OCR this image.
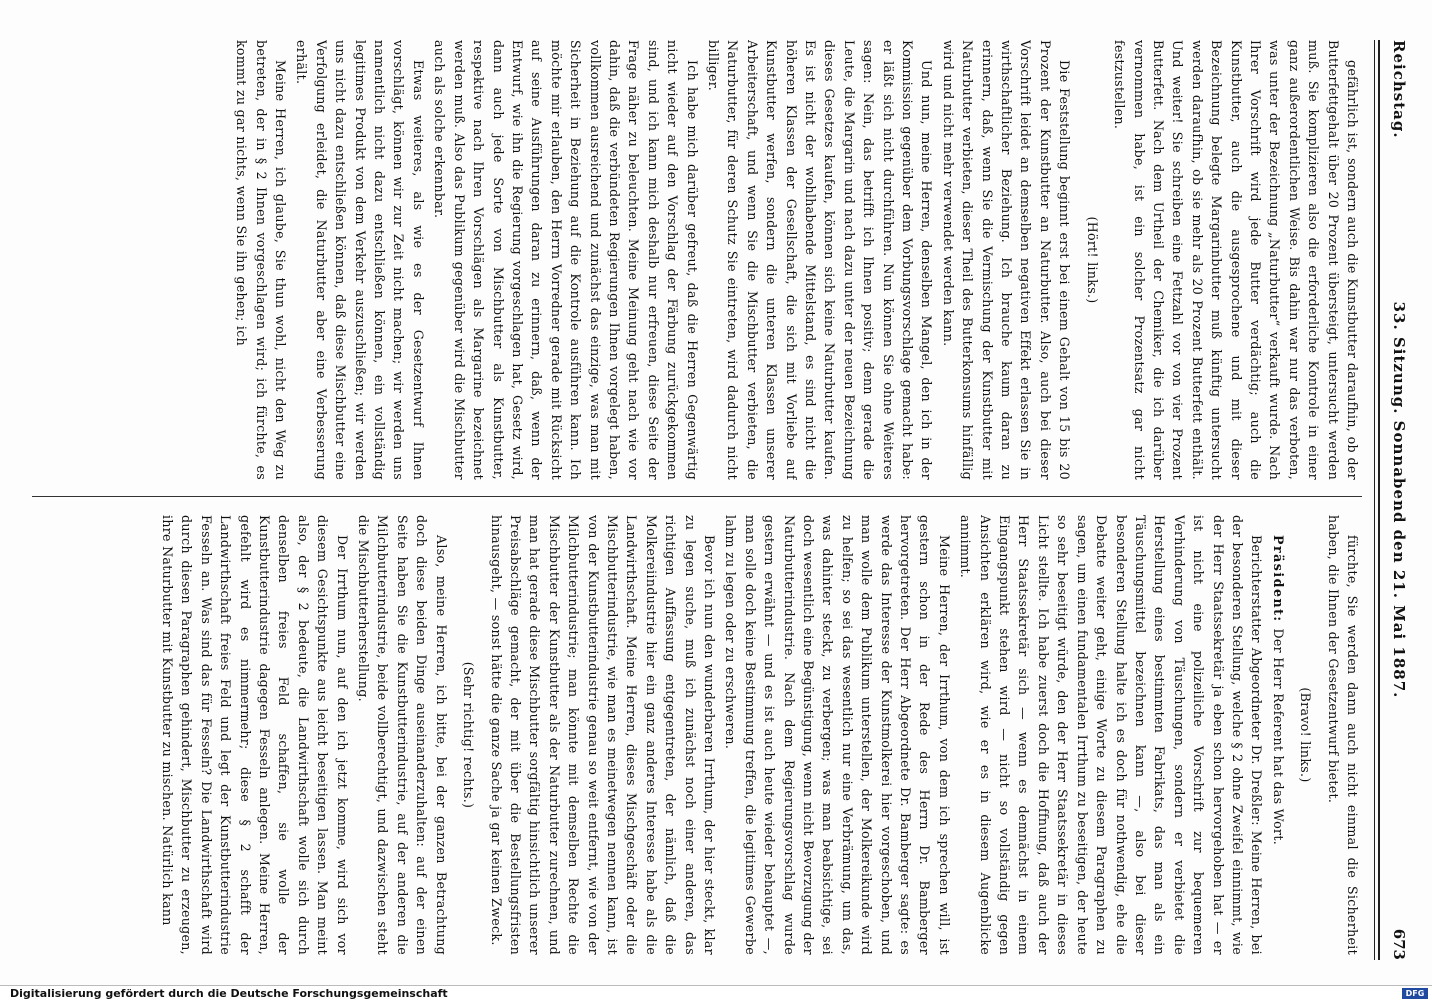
Reichstag.
33. Sitzung. Sonnabend den 21. Mai 1887.
673

gefährlich ist, sondern auch die Kunstbutter daraufhin, ob der Butterfettgehalt über 20 Prozent übersteigt, untersucht werden muß. Sie komplizieren also die erforderliche Kontrole in einer ganz außerordentlichen Weise. Bis dahin war nur das verboten, was unter der Bezeichnung „Naturbutter“ verkauft wurde. Nach Ihrer Vorschrift wird jede Butter verdächtig; auch die Kunstbutter, auch die ausgesprochene und mit dieser Bezeichnung belegte Margarinbutter muß künftig untersucht werden daraufhin, ob sie mehr als 20 Prozent Butterfett enthält. Und weiter! Sie schreiben eine Fettzahl vor von vier Prozent Butterfett. Nach dem Urtheil der Chemiker, die ich darüber vernommen habe, ist ein solcher Prozentsatz gar nicht festzustellen.

(Hört! links.)

Die Feststellung beginnt erst bei einem Gehalt von 15 bis 20 Prozent der Kunstbutter an Naturbutter. Also, auch bei dieser Vorschrift leidet an demselben negativen Effekt erlassen Sie in wirthschaftlicher Beziehung. Ich brauche kaum daran zu erinnern, daß, wenn Sie die Vermischung der Kunstbutter mit Naturbutter verbieten, dieser Theil des Butterkonsums hinfällig wird und nicht mehr verwendet werden kann.

Und nun, meine Herren, denselben Mangel, den ich in der Kommission gegenüber dem Vorbungsvorschlage gemacht habe: er läßt sich nicht durchführen. Nun können Sie ohne Weiteres sagen: Nein, das betrifft ich Ihnen positiv; denn gerade die Leute, die Margarin und nach dazu unter der neuen Bezeichnung dieses Gesetzes kaufen, können sich keine Naturbutter kaufen. Es ist nicht der wohlhabende Mittelstand, es sind nicht die höheren Klassen der Gesellschaft, die sich mit Vorliebe auf Kunstbutter werfen, sondern die unteren Klassen unserer Arbeiterschaft, und wenn Sie die Mischbutter verbieten, die Naturbutter, für deren Schutz Sie eintreten, wird dadurch nicht billiger.

Ich habe mich darüber gefreut, daß die Herren Gegenwärtig nicht wieder auf den Vorschlag der Färbung zurückgekommen sind, und ich kann mich deshalb nur erfreuen, diese Seite der Frage näher zu beleuchten. Meine Meinung geht nach wie vor dahin, daß die verbündeten Regierungen Ihnen vorgelegt haben, vollkommen ausreichend und zunächst das einzige, was man mit Sicherheit in Beziehung auf die Kontrole ausführen kann. Ich möchte mir erlauben, den Herrn Vorredner gerade mit Rücksicht auf seine Ausführungen daran zu erinnern, daß, wenn der Entwurf, wie ihn die Regierung vorgeschlagen hat, Gesetz wird, dann auch jede Sorte von Mischbutter als Kunstbutter, respektive nach Ihren Vorschlägen als Margarine bezeichnet werden muß. Also das Publikum gegenüber wird die Mischbutter auch als solche erkennbar.

Etwas weiteres, als wie es der Gesetzentwurf Ihnen vorschlägt, können wir zur Zeit nicht machen; wir werden uns namentlich nicht dazu entschließen können, ein vollständig legitimes Produkt von dem Verkehr auszuschließen; wir werden uns nicht dazu entschließen können, daß diese Mischbutter eine Verfolgung erleidet, die Naturbutter aber eine Verbesserung erhält.

Meine Herren, ich glaube, Sie thun wohl, nicht den Weg zu betreten, der in § 2 Ihnen vorgeschlagen wird; ich fürchte, es kommt zu gar nichts, wenn Sie ihn gehen; ich

fürchte, Sie werden dann auch nicht einmal die Sicherheit haben, die Ihnen der Gesetzentwurf bietet.

(Bravo! links.)

Präsident: Der Herr Referent hat das Wort.

Berichterstatter Abgeordneter Dr. Dreßler: Meine Herren, bei der besonderen Stellung, welche § 2 ohne Zweifel einnimmt, wie der Herr Staatssekretär ja eben schon hervorgehoben hat — er ist nicht eine polizeiliche Vorschrift zur bequemeren Verhinderung von Täuschungen, sondern er verbietet die Herstellung eines bestimmten Fabrikats, das man als ein Täuschungsmittel bezeichnen kann —, also bei dieser besonderen Stellung halte ich es doch für nothwendig, ehe die Debatte weiter geht, einige Worte zu diesem Paragraphen zu sagen, um einen fundamentalen Irrthum zu beseitigen, der heute so sehr beseitigt würde, den der Herr Staatssekretär in dieses Licht stellte. Ich habe zuerst doch die Hoffnung, daß auch der Herr Staatssekretär sich — wenn es demnächst in einem Eingangspunkt stehen wird — nicht so vollständig gegen Ansichten erklären wird, wie er es in diesem Augenblicke annimmt.

Meine Herren, der Irrthum, von dem ich sprechen will, ist gestern schon in der Rede des Herrn Dr. Bamberger hervorgetreten. Der Herr Abgeordnete Dr. Bamberger sagte: es werde das Interesse der Kunstmolkerei hier vorgeschoben, und man wolle dem Publikum unterstellen, der Molkereikunde wird zu helfen; so sei das wesentlich nur eine Verbrämung, um das, was dahinter steckt, zu verbergen; was man beabsichtige, sei doch wesentlich eine Begünstigung, wenn nicht Bevorzugung der Naturbutterindustrie. Nach dem Regierungsvorschlag wurde gestern erwähnt — und es ist auch heute wieder behauptet —, man solle doch keine Bestimmung treffen, die legitimes Gewerbe lahm zu legen oder zu erschweren.

Bevor ich nun den wunderbaren Irrthum, der hier steckt, klar zu legen suche, muß ich zunächst noch einer anderen, das richtigen Auffassung entgegentreten, der nämlich, daß die Molkereiindustrie hier ein ganz anderes Interesse habe als die Landwirthschaft. Meine Herren, dieses Mischgeschäft oder die Mischbutterindustrie, wie man es meinetwegen nennen kann, ist von der Kunstbutterindustrie genau so weit entfernt, wie von der Milchbutterindustrie; man könnte mit demselben Rechte die Mischbutter der Kunstbutter als der Naturbutter zurechnen, und man hat gerade diese Mischbutter sorgfältig hinsichtlich unserer Preisabschläge gemacht, der mit über die Bestellungsfristen hinausgeht, — sonst hätte die ganze Sache ja gar keinen Zweck.

(Sehr richtig! rechts.)

Also, meine Herren, ich bitte, bei der ganzen Betrachtung doch diese beiden Dinge auseinanderzuhalten: auf der einen Seite haben Sie die Kunstbutterindustrie, auf der anderen die Milchbutterindustrie, beide vollberechtigt, und dazwischen steht die Mischbutterherstellung.

Der Irrthum nun, auf den ich jetzt komme, wird sich vor diesem Gesichtspunkte aus leicht beseitigen lassen. Man meint also, der § 2 bedeute, die Landwirthschaft wolle sich durch denselben freies Feld schaffen, sie wolle der Kunstbutterindustrie dagegen Fesseln anlegen. Meine Herren, gefehlt wird es nimmermehr; diese § 2 schafft der Landwirthschaft freies Feld und legt der Kunstbutterindustrie Fesseln an. Was sind das für Fesseln? Die Landwirthschaft wird durch diesen Paragraphen gehindert, Mischbutter zu erzeugen, ihre Naturbutter mit Kunstbutter zu mischen. Natürlich kann

Digitalisierung gefördert durch die Deutsche Forschungsgemeinschaft	DFG
